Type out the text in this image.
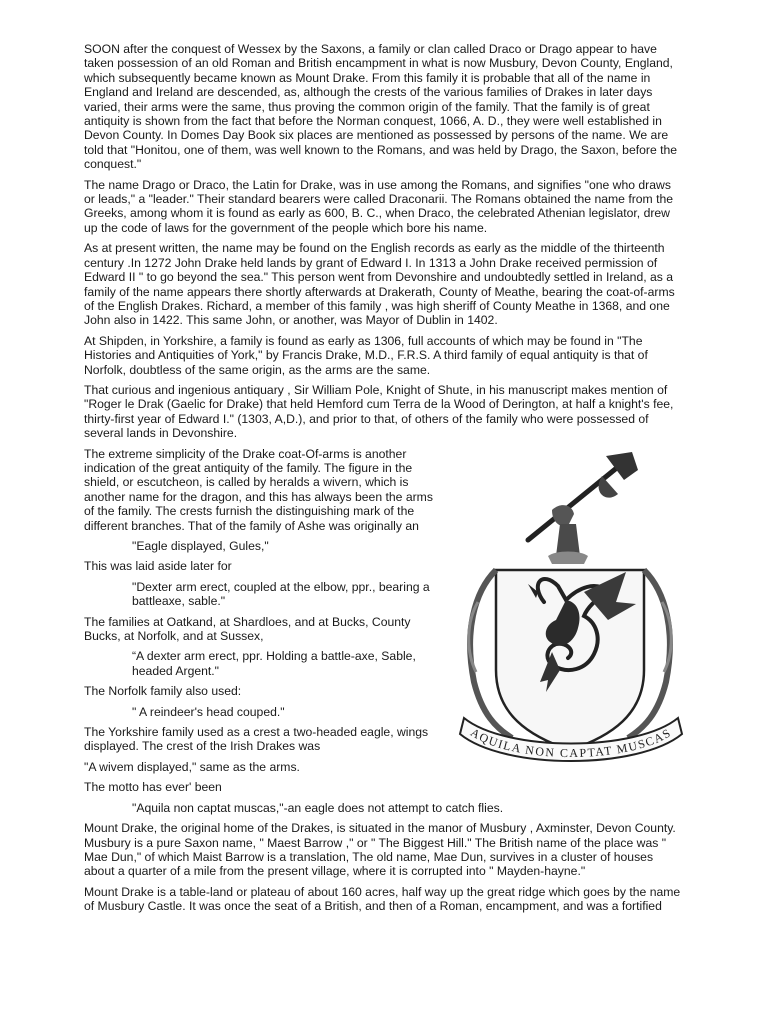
SOON after the conquest of Wessex by the Saxons, a family or clan called Draco or Drago appear to have taken possession of an old Roman and British encampment in what is now Musbury, Devon County, England, which subsequently became known as Mount Drake. From this family it is probable that all of the name in England and Ireland are descended, as, although the crests of the various families of Drakes in later days varied, their arms were the same, thus proving the common origin of the family. That the family is of great antiquity is shown from the fact that before the Norman conquest, 1066, A. D., they were well established in Devon County. In Domes Day Book six places are mentioned as possessed by persons of the name. We are told that "Honitou, one of them, was well known to the Romans, and was held by Drago, the Saxon, before the conquest."

The name Drago or Draco, the Latin for Drake, was in use among the Romans, and signifies "one who draws or leads," a "leader." Their standard bearers were called Draconarii. The Romans obtained the name from the Greeks, among whom it is found as early as 600, B. C., when Draco, the celebrated Athenian legislator, drew up the code of laws for the government of the people which bore his name.

As at present written, the name may be found on the English records as early as the middle of the thirteenth century .In 1272 John Drake held lands by grant of Edward I. In 1313 a John Drake received permission of Edward II " to go beyond the sea." This person went from Devonshire and undoubtedly settled in Ireland, as a family of the name appears there shortly afterwards at Drakerath, County of Meathe, bearing the coat-of-arms of the English Drakes. Richard, a member of this family , was high sheriff of County Meathe in 1368, and one John also in 1422. This same John, or another, was Mayor of Dublin in 1402.

At Shipden, in Yorkshire, a family is found as early as 1306, full accounts of which may be found in "The Histories and Antiquities of York," by Francis Drake, M.D., F.R.S. A third family of equal antiquity is that of Norfolk, doubtless of the same origin, as the arms are the same.

That curious and ingenious antiquary , Sir William Pole, Knight of Shute, in his manuscript makes mention of "Roger le Drak (Gaelic for Drake) that held Hemford cum Terra de la Wood of Derington, at half a knight's fee, thirty-first year of Edward I." (1303, A,D.), and prior to that, of others of the family who were possessed of several lands in Devonshire.

The extreme simplicity of the Drake coat-Of-arms is another indication of the great antiquity of the family. The figure in the shield, or escutcheon, is called by heralds a wivern, which is another name for the dragon, and this has always been the arms of the family. The crests furnish the distinguishing mark of the different branches. That of the family of Ashe was originally an

"Eagle displayed, Gules,"

This was laid aside later for

"Dexter arm erect, coupled at the elbow, ppr., bearing a battleaxe, sable."

The families at Oatkand, at Shardloes, and at Bucks, County Bucks, at Norfolk, and at Sussex,

“A dexter arm erect, ppr. Holding a battle-axe, Sable, headed Argent."

The Norfolk family also used:

" A reindeer's head couped."

The Yorkshire family used as a crest a two-headed eagle, wings displayed. The crest of the Irish Drakes was

"A wivem displayed," same as the arms.

The motto has ever' been

"Aquila non captat muscas,"-an eagle does not attempt to catch flies.

Mount Drake, the original home of the Drakes, is situated in the manor of Musbury , Axminster, Devon County. Musbury is a pure Saxon name, " Maest Barrow ," or " The Biggest Hill." The British name of the place was " Mae Dun," of which Maist Barrow is a translation, The old name, Mae Dun, survives in a cluster of houses about a quarter of a mile from the present village, where it is corrupted into " Mayden-hayne."

Mount Drake is a table-land or plateau of about 160 acres, half way up the great ridge which goes by the name of Musbury Castle. It was once the seat of a British, and then of a Roman, encampment, and was a fortified

AQUILA NON CAPTAT MUSCAS
